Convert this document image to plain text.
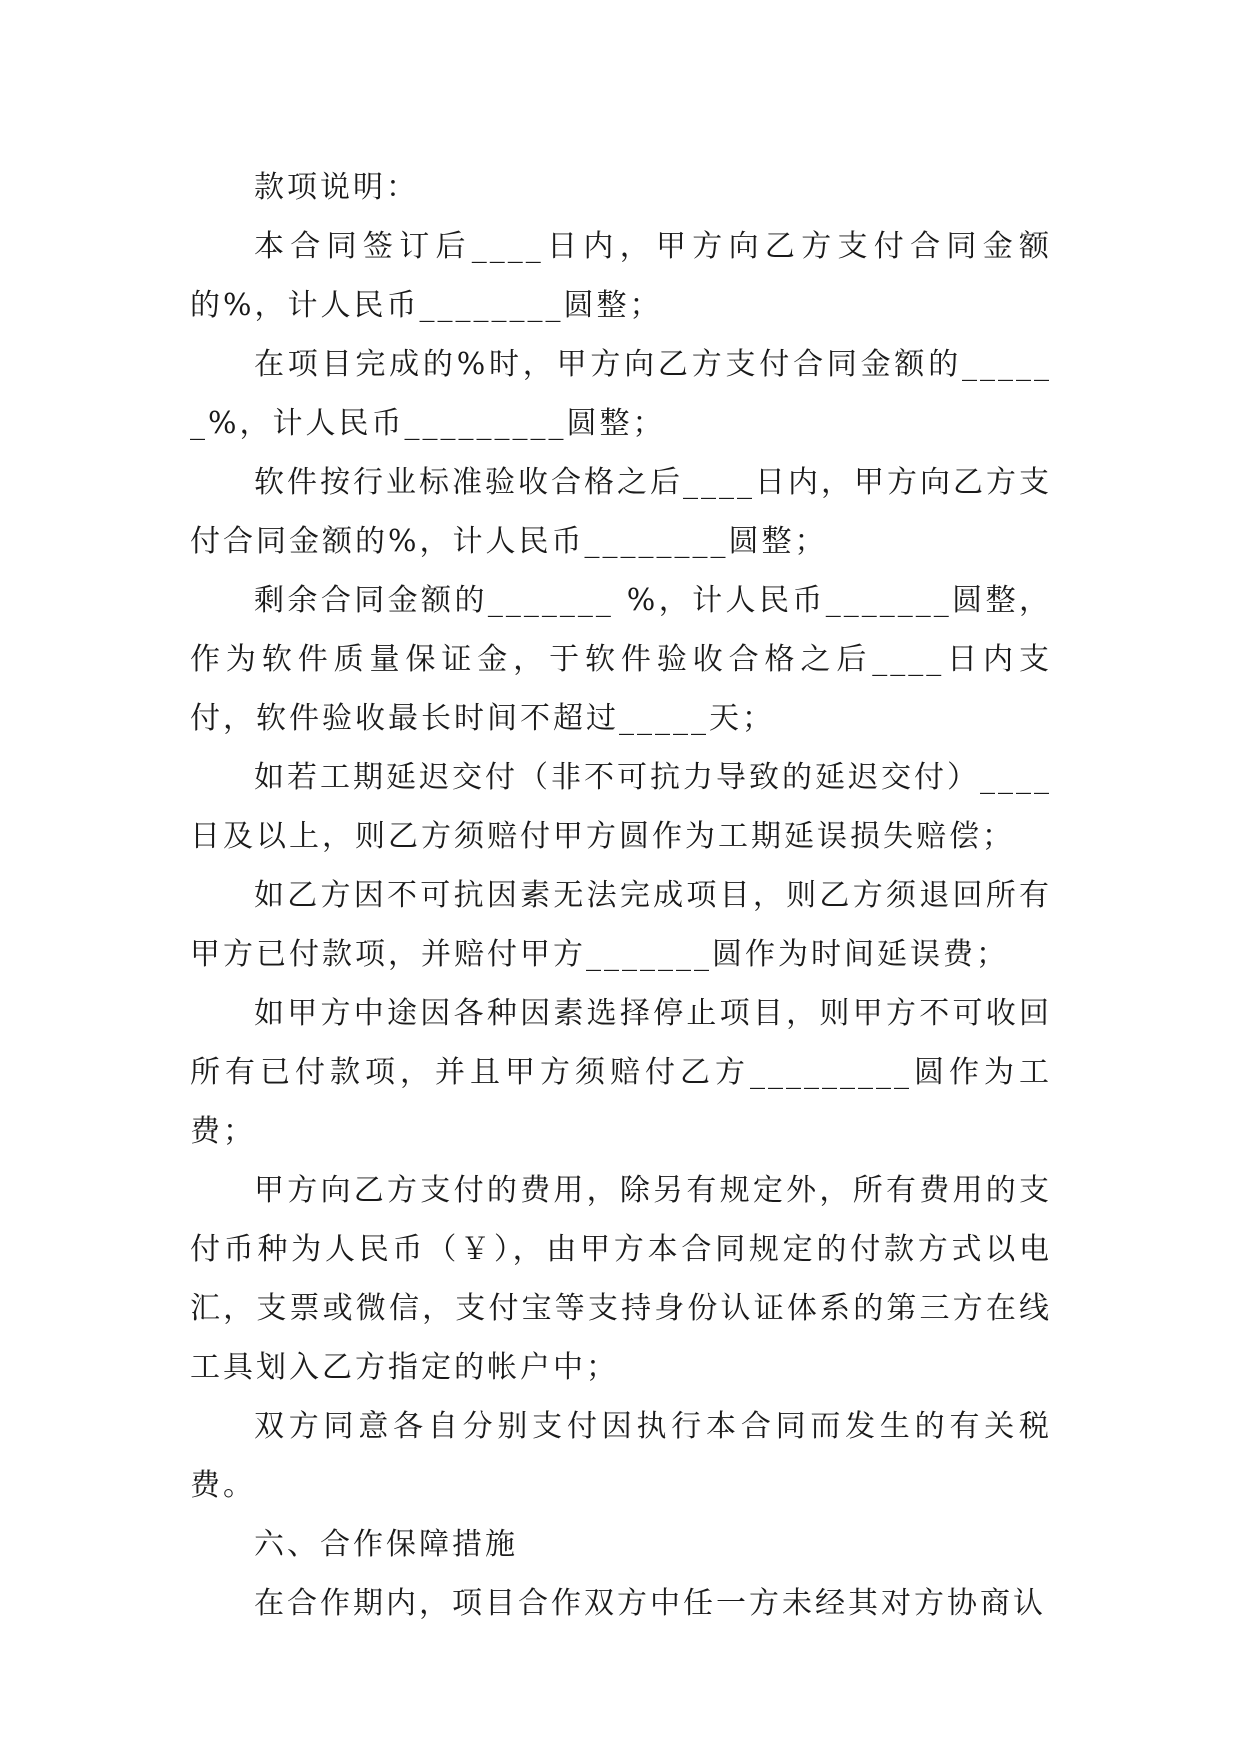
款项说明：

本合同签订后____日内，甲方向乙方支付合同金额的%，计人民币________圆整；

在项目完成的%时，甲方向乙方支付合同金额的______%，计人民币_________圆整；

软件按行业标准验收合格之后____日内，甲方向乙方支付合同金额的%，计人民币________圆整；

剩余合同金额的_______ %，计人民币_______圆整，作为软件质量保证金，于软件验收合格之后____日内支付，软件验收最长时间不超过_____天；

如若工期延迟交付（非不可抗力导致的延迟交付）____日及以上，则乙方须赔付甲方圆作为工期延误损失赔偿；

如乙方因不可抗因素无法完成项目，则乙方须退回所有甲方已付款项，并赔付甲方_______圆作为时间延误费；

如甲方中途因各种因素选择停止项目，则甲方不可收回所有已付款项，并且甲方须赔付乙方_________圆作为工费；

甲方向乙方支付的费用，除另有规定外，所有费用的支付币种为人民币（￥），由甲方本合同规定的付款方式以电汇，支票或微信，支付宝等支持身份认证体系的第三方在线工具划入乙方指定的帐户中；

双方同意各自分别支付因执行本合同而发生的有关税费。

六、合作保障措施

在合作期内，项目合作双方中任一方未经其对方协商认
